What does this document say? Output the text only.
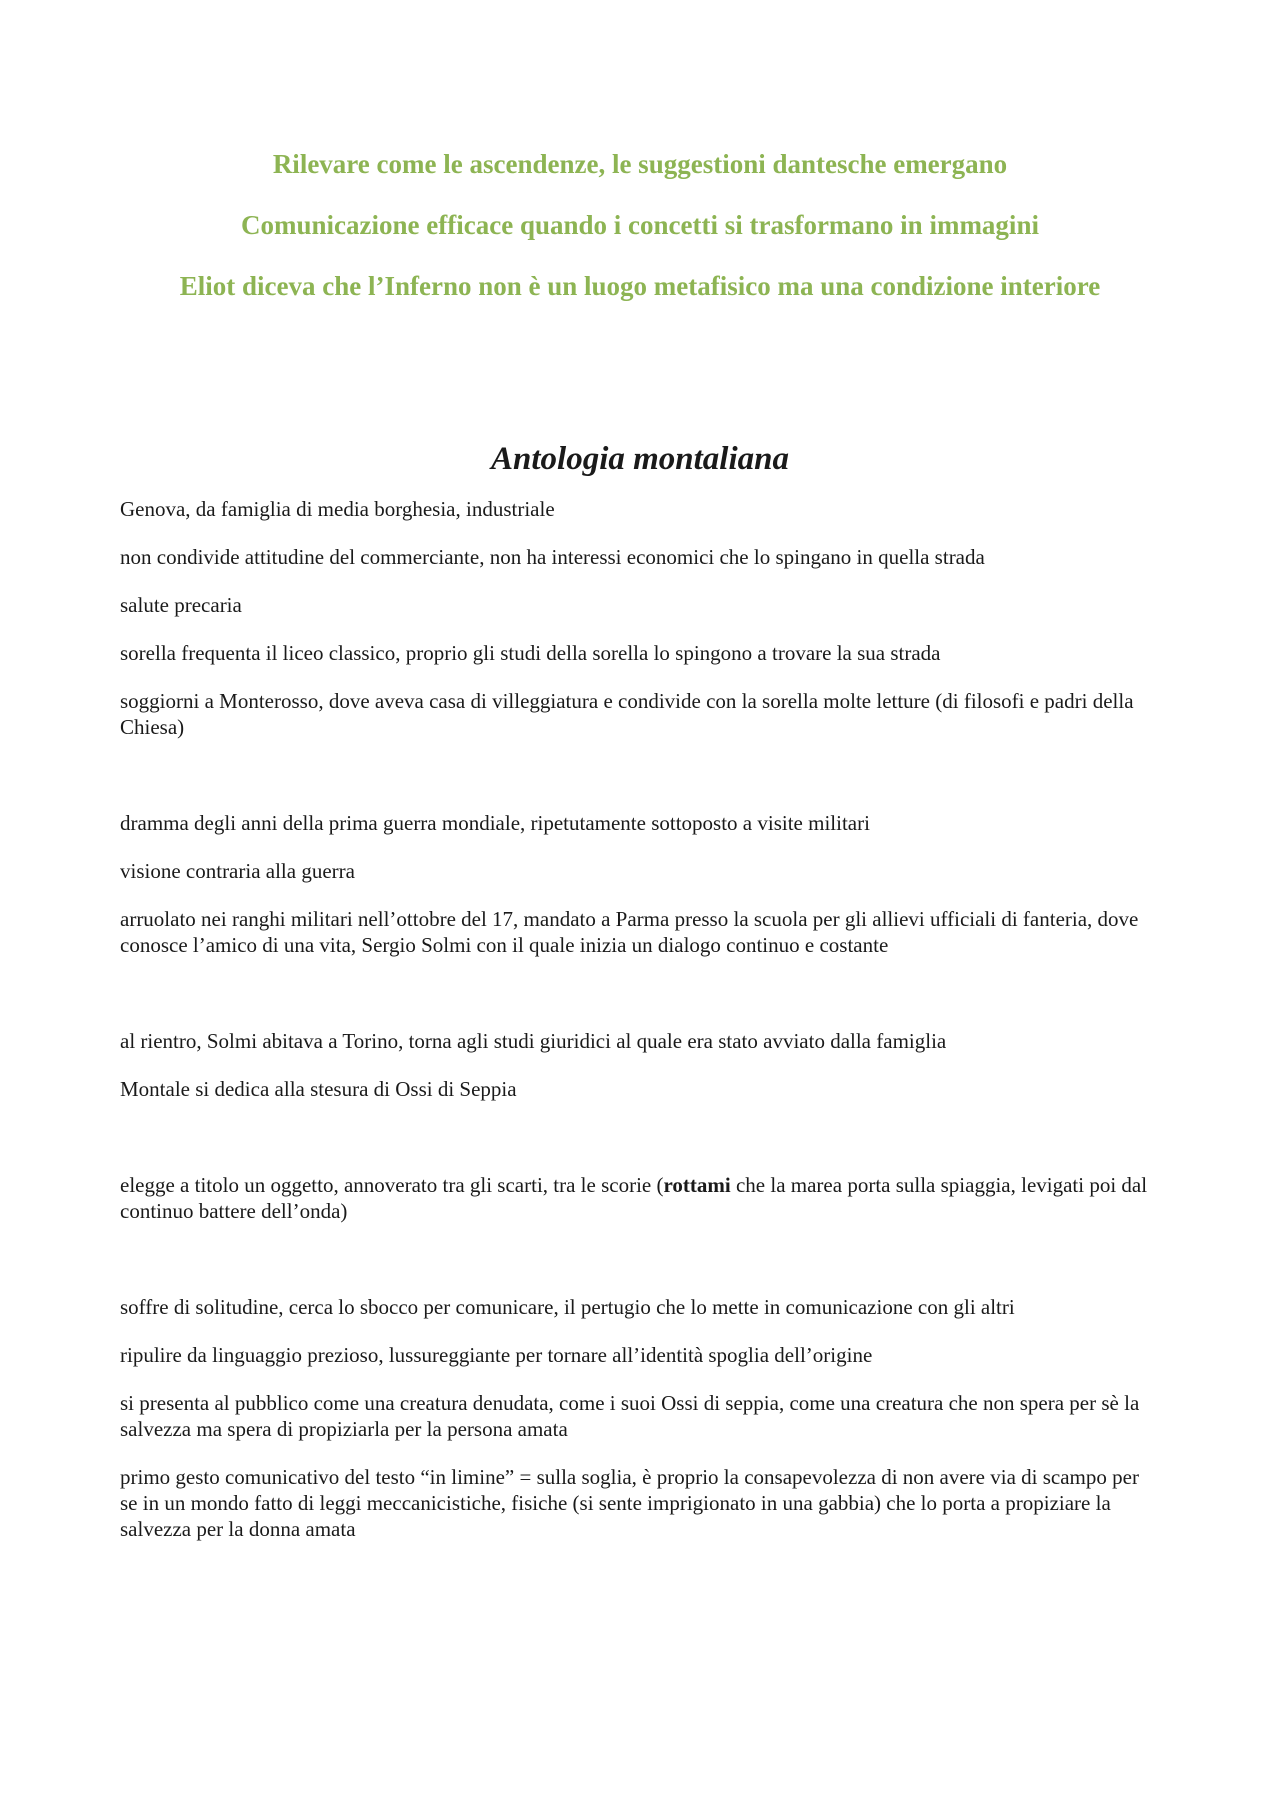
Rilevare come le ascendenze, le suggestioni dantesche emergano
Comunicazione efficace quando i concetti si trasformano in immagini
Eliot diceva che l’Inferno non è un luogo metafisico ma una condizione interiore
Antologia montaliana

Genova, da famiglia di media borghesia, industriale

non condivide attitudine del commerciante, non ha interessi economici che lo spingano in quella strada

salute precaria

sorella frequenta il liceo classico, proprio gli studi della sorella lo spingono a trovare la sua strada

soggiorni a Monterosso, dove aveva casa di villeggiatura e condivide con la sorella molte letture (di filosofi e padri della Chiesa)

dramma degli anni della prima guerra mondiale, ripetutamente sottoposto a visite militari

visione contraria alla guerra

arruolato nei ranghi militari nell’ottobre del 17, mandato a Parma presso la scuola per gli allievi ufficiali di fanteria, dove conosce l’amico di una vita, Sergio Solmi con il quale inizia un dialogo continuo e costante

al rientro, Solmi abitava a Torino, torna agli studi giuridici al quale era stato avviato dalla famiglia

Montale si dedica alla stesura di Ossi di Seppia

elegge a titolo un oggetto, annoverato tra gli scarti, tra le scorie (rottami che la marea porta sulla spiaggia, levigati poi dal continuo battere dell’onda)

soffre di solitudine, cerca lo sbocco per comunicare, il pertugio che lo mette in comunicazione con gli altri

ripulire da linguaggio prezioso, lussureggiante per tornare all’identità spoglia dell’origine

si presenta al pubblico come una creatura denudata, come i suoi Ossi di seppia, come una creatura che non spera per sè la salvezza ma spera di propiziarla per la persona amata

primo gesto comunicativo del testo “in limine” = sulla soglia, è proprio la consapevolezza di non avere via di scampo per se in un mondo fatto di leggi meccanicistiche, fisiche (si sente imprigionato in una gabbia) che lo porta a propiziare la salvezza per la donna amata
